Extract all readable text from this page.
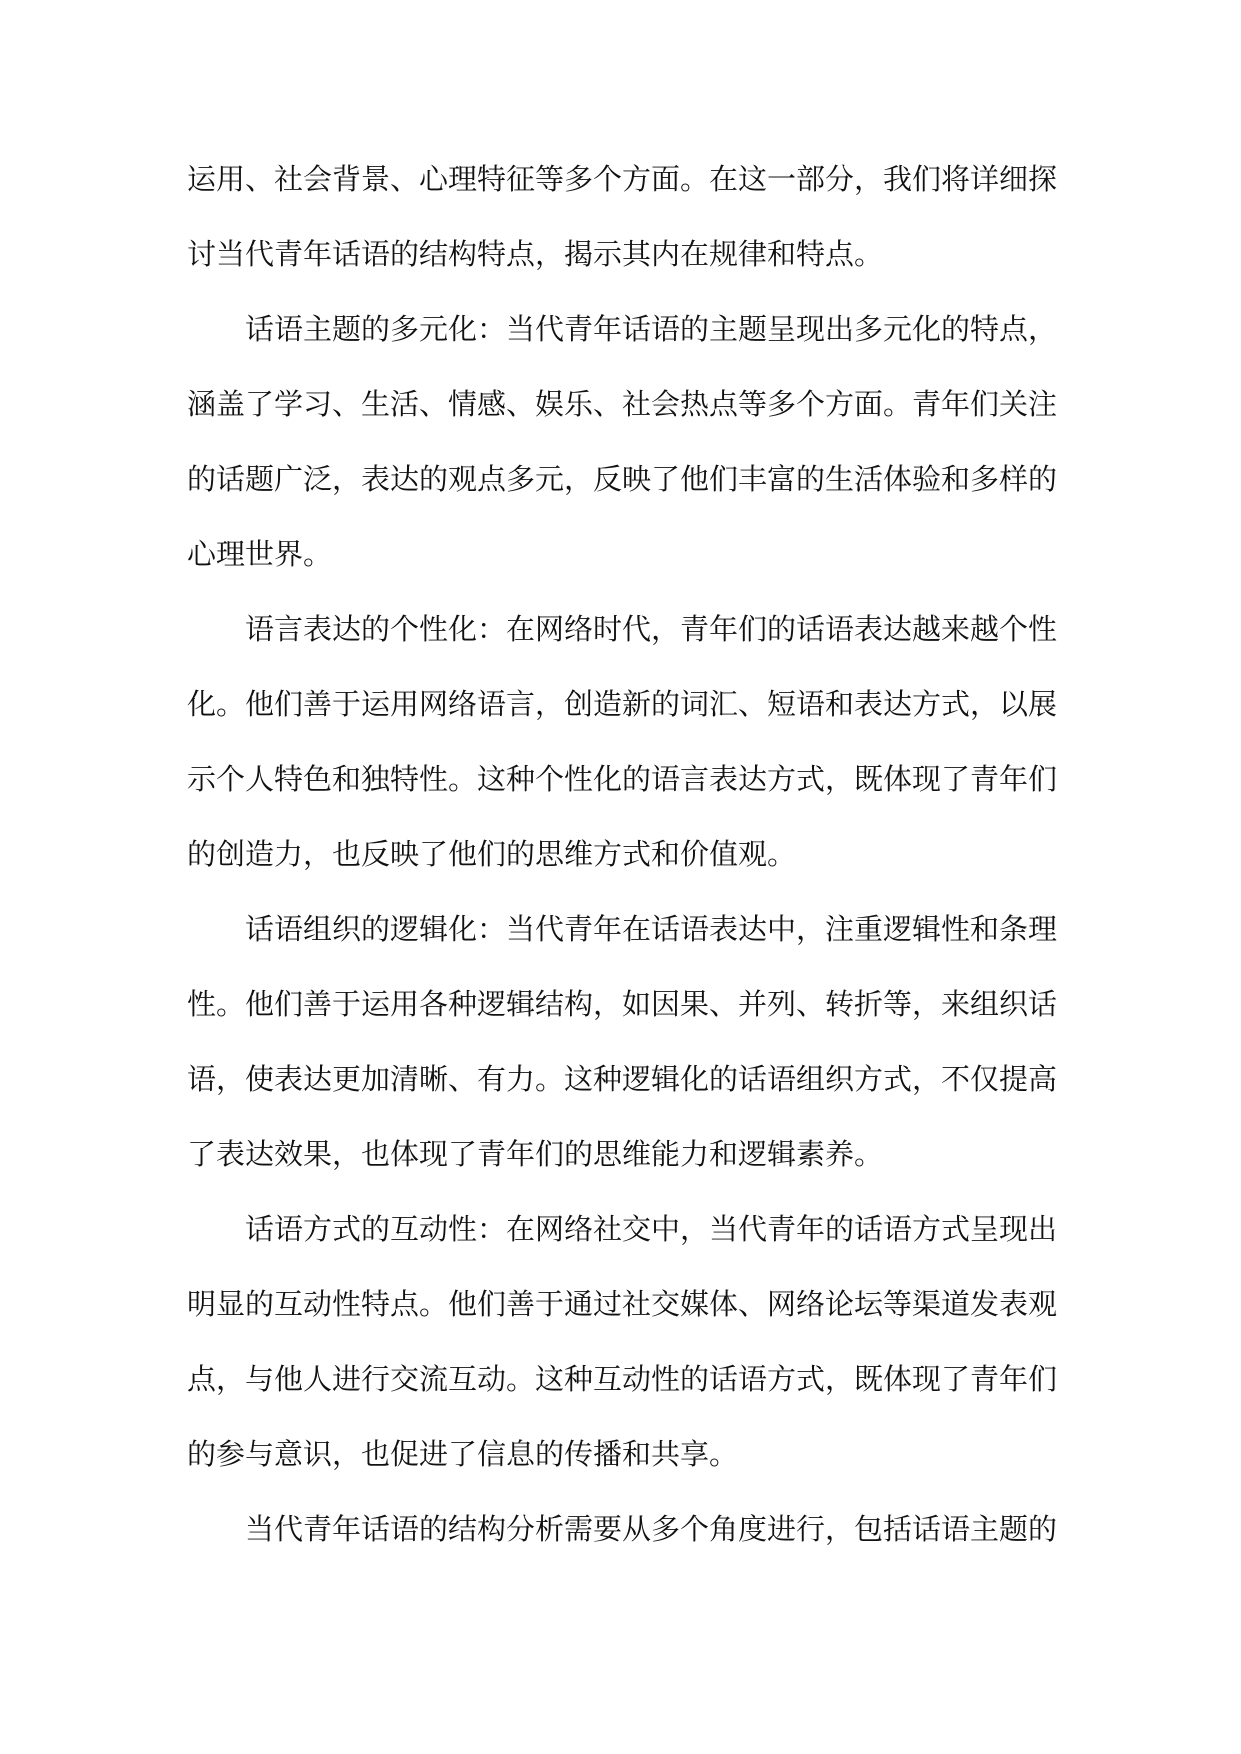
运用、社会背景、心理特征等多个方面。在这一部分，我们将详细探
讨当代青年话语的结构特点，揭示其内在规律和特点。
话语主题的多元化：当代青年话语的主题呈现出多元化的特点，
涵盖了学习、生活、情感、娱乐、社会热点等多个方面。青年们关注
的话题广泛，表达的观点多元，反映了他们丰富的生活体验和多样的
心理世界。
语言表达的个性化：在网络时代，青年们的话语表达越来越个性
化。他们善于运用网络语言，创造新的词汇、短语和表达方式，以展
示个人特色和独特性。这种个性化的语言表达方式，既体现了青年们
的创造力，也反映了他们的思维方式和价值观。
话语组织的逻辑化：当代青年在话语表达中，注重逻辑性和条理
性。他们善于运用各种逻辑结构，如因果、并列、转折等，来组织话
语，使表达更加清晰、有力。这种逻辑化的话语组织方式，不仅提高
了表达效果，也体现了青年们的思维能力和逻辑素养。
话语方式的互动性：在网络社交中，当代青年的话语方式呈现出
明显的互动性特点。他们善于通过社交媒体、网络论坛等渠道发表观
点，与他人进行交流互动。这种互动性的话语方式，既体现了青年们
的参与意识，也促进了信息的传播和共享。
当代青年话语的结构分析需要从多个角度进行，包括话语主题的
